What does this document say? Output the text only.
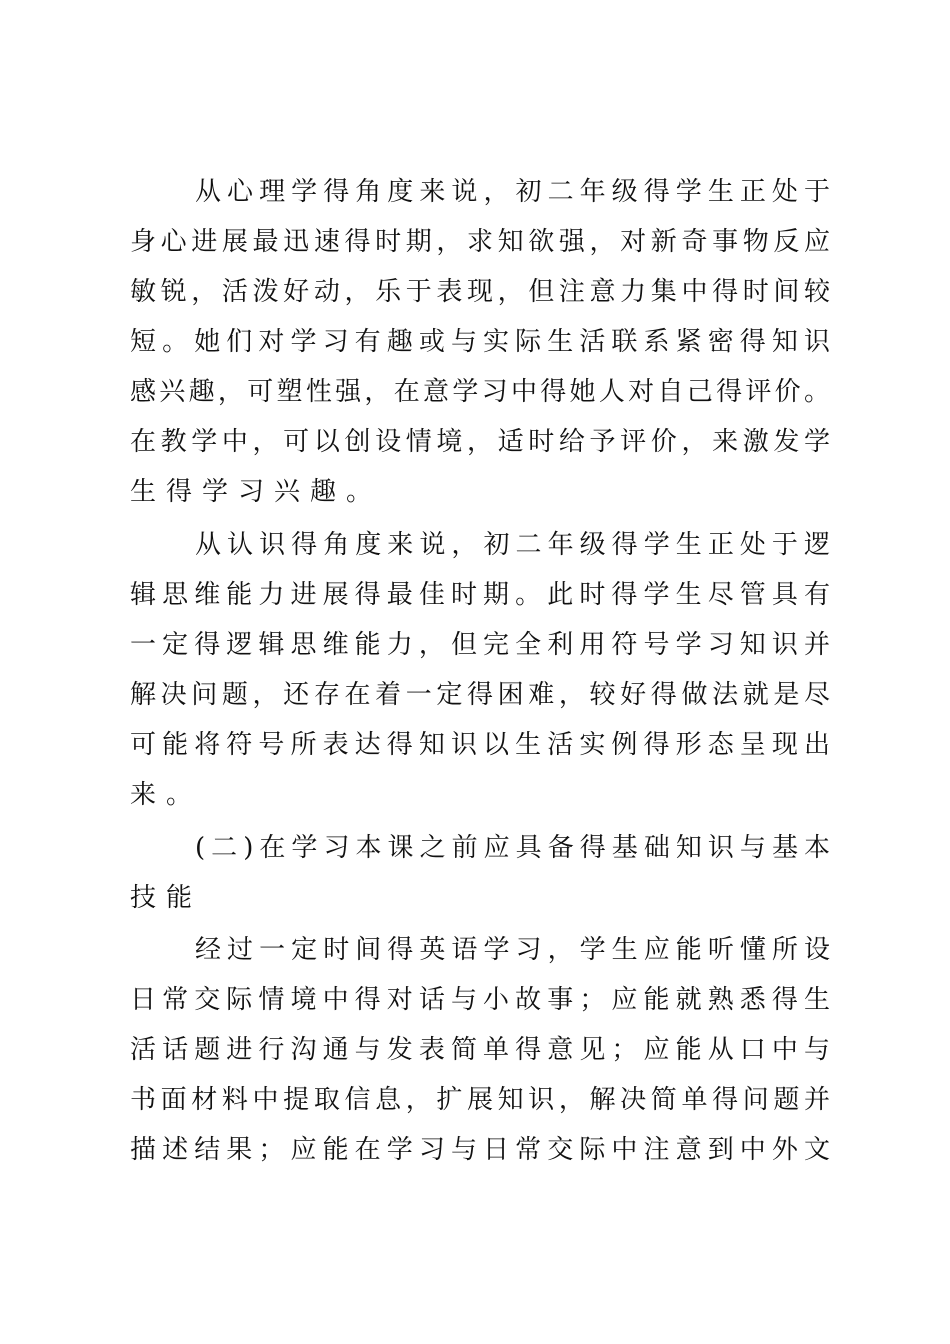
从心理学得角度来说，初二年级得学生正处于
身心进展最迅速得时期，求知欲强，对新奇事物反应
敏锐，活泼好动，乐于表现，但注意力集中得时间较
短。她们对学习有趣或与实际生活联系紧密得知识
感兴趣，可塑性强，在意学习中得她人对自己得评价。
在教学中，可以创设情境，适时给予评价，来激发学
生得学习兴趣。
从认识得角度来说，初二年级得学生正处于逻
辑思维能力进展得最佳时期。此时得学生尽管具有
一定得逻辑思维能力，但完全利用符号学习知识并
解决问题，还存在着一定得困难，较好得做法就是尽
可能将符号所表达得知识以生活实例得形态呈现出
来。
(二)在学习本课之前应具备得基础知识与基本
技能
经过一定时间得英语学习，学生应能听懂所设
日常交际情境中得对话与小故事；应能就熟悉得生
活话题进行沟通与发表简单得意见；应能从口中与
书面材料中提取信息，扩展知识，解决简单得问题并
描述结果；应能在学习与日常交际中注意到中外文
